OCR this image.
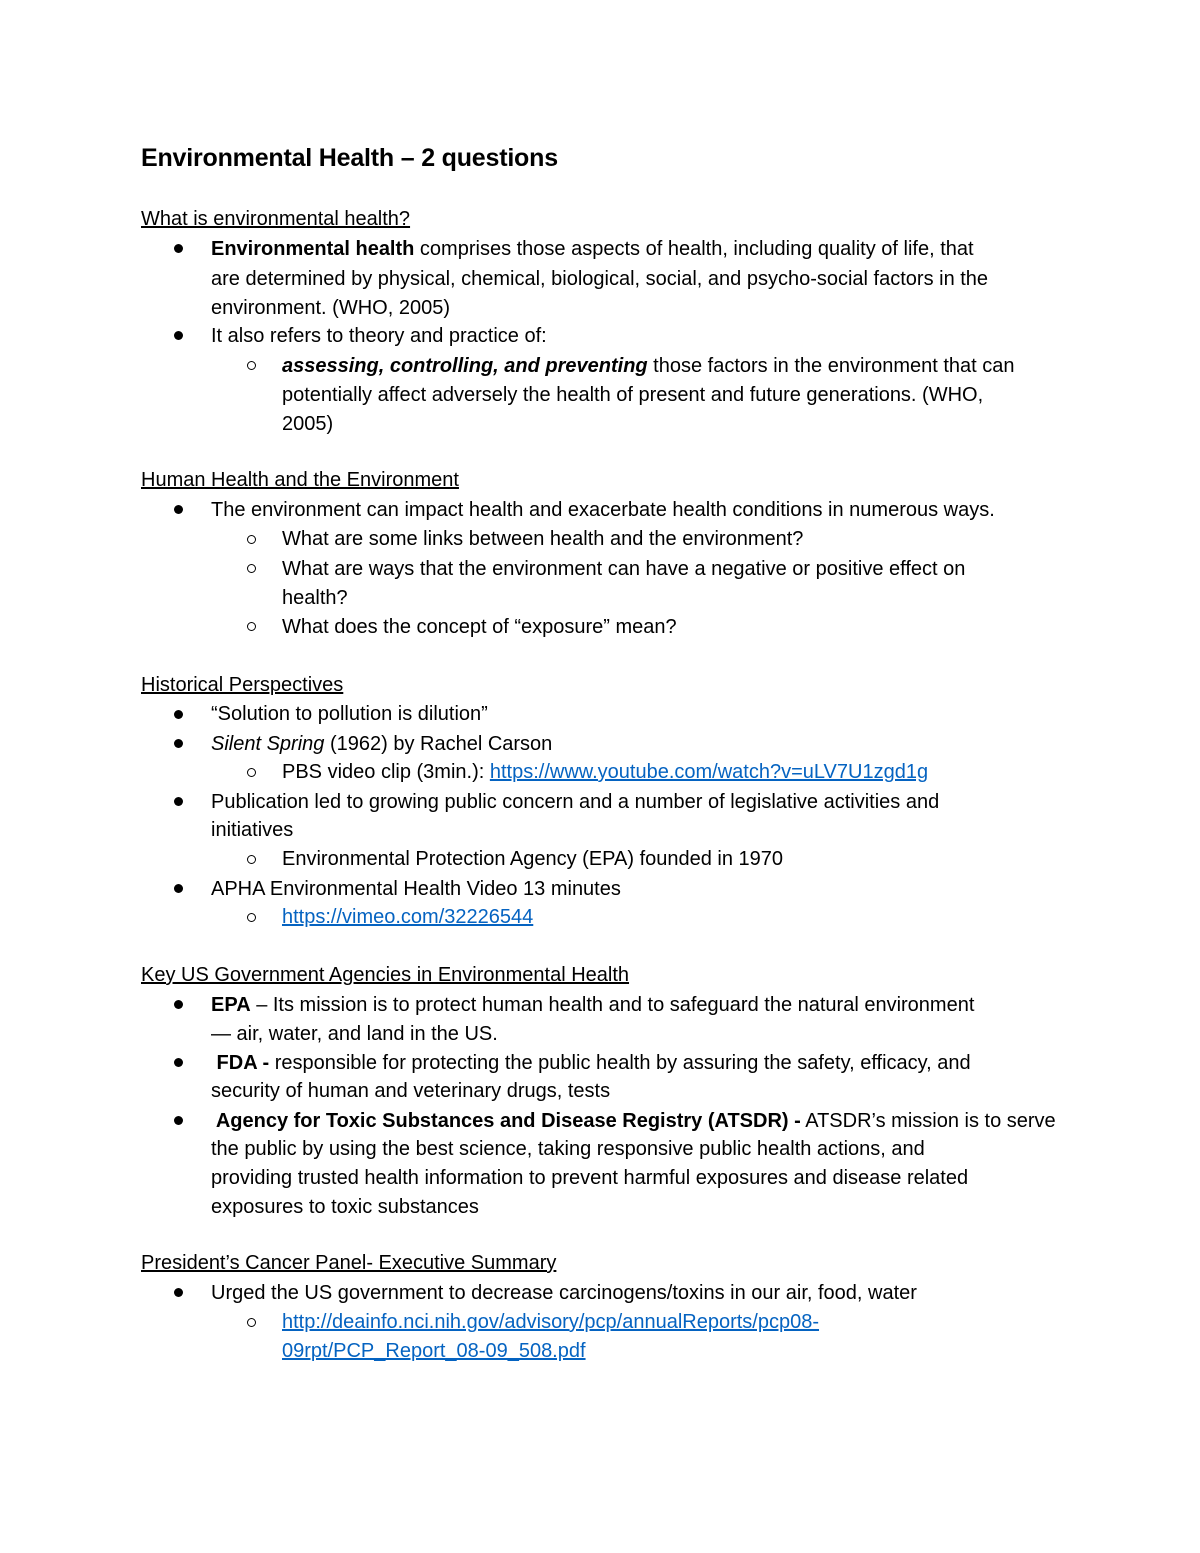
Environmental Health – 2 questions
What is environmental health?
Environmental health comprises those aspects of health, including quality of life, that
are determined by physical, chemical, biological, social, and psycho-social factors in the
environment. (WHO, 2005)
It also refers to theory and practice of:
assessing, controlling, and preventing those factors in the environment that can
potentially affect adversely the health of present and future generations. (WHO,
2005)
Human Health and the Environment
The environment can impact health and exacerbate health conditions in numerous ways.
What are some links between health and the environment?
What are ways that the environment can have a negative or positive effect on
health?
What does the concept of “exposure” mean?
Historical Perspectives
“Solution to pollution is dilution”
Silent Spring (1962) by Rachel Carson
PBS video clip (3min.): https://www.youtube.com/watch?v=uLV7U1zgd1g
Publication led to growing public concern and a number of legislative activities and
initiatives
Environmental Protection Agency (EPA) founded in 1970
APHA Environmental Health Video 13 minutes
https://vimeo.com/32226544
Key US Government Agencies in Environmental Health
EPA – Its mission is to protect human health and to safeguard the natural environment
— air, water, and land in the US.
FDA - responsible for protecting the public health by assuring the safety, efficacy, and
security of human and veterinary drugs, tests
Agency for Toxic Substances and Disease Registry (ATSDR) - ATSDR’s mission is to serve
the public by using the best science, taking responsive public health actions, and
providing trusted health information to prevent harmful exposures and disease related
exposures to toxic substances
President’s Cancer Panel- Executive Summary
Urged the US government to decrease carcinogens/toxins in our air, food, water
http://deainfo.nci.nih.gov/advisory/pcp/annualReports/pcp08-
09rpt/PCP_Report_08-09_508.pdf
